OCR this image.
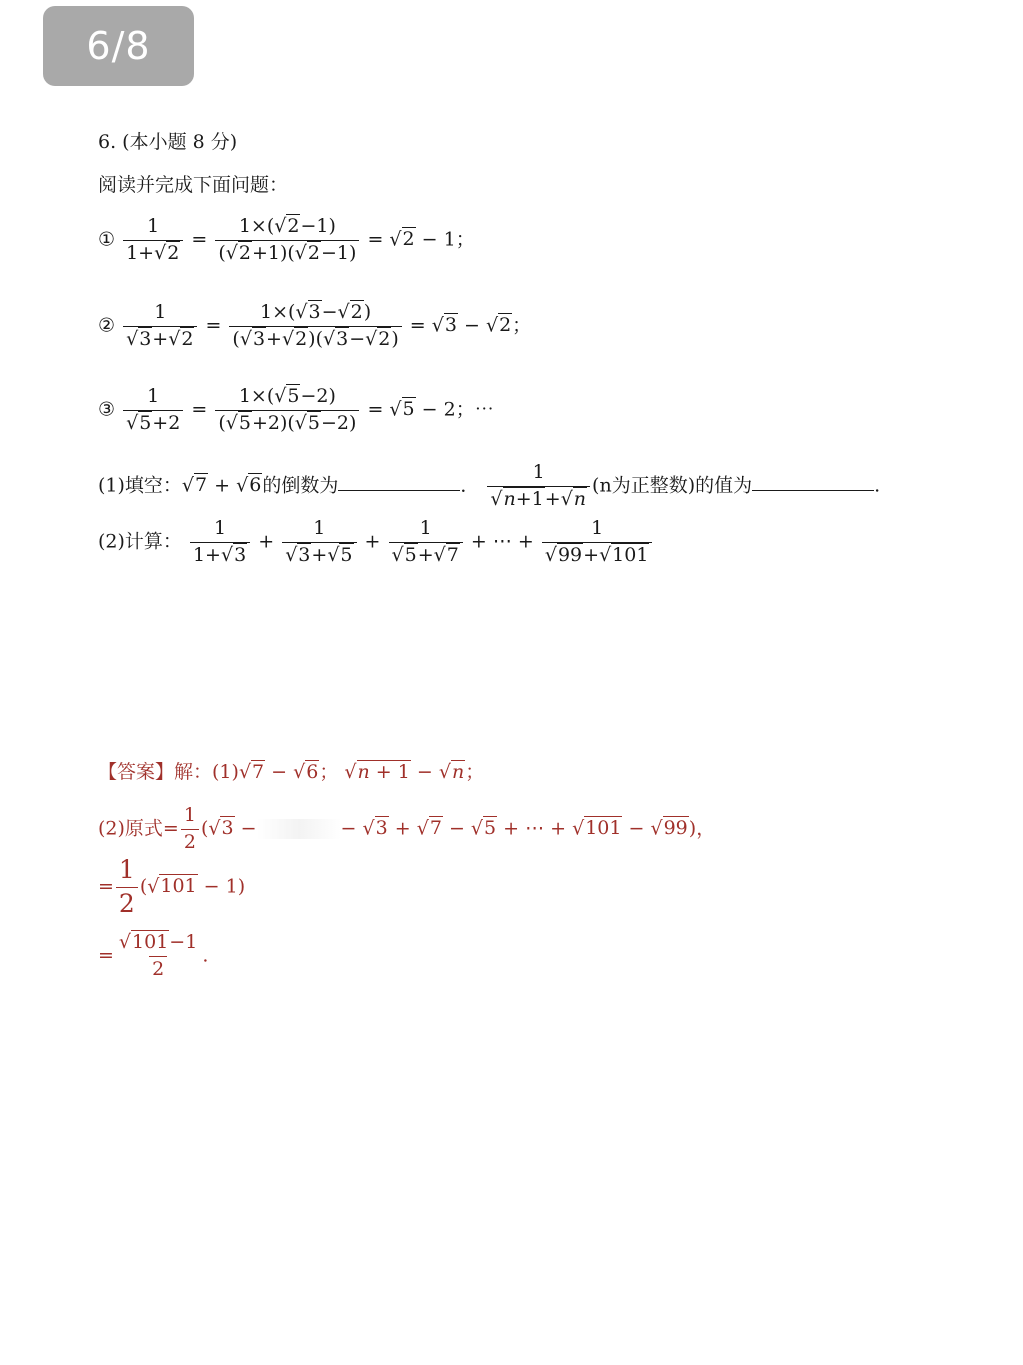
6/8
6. (本小题 8 分)
阅读并完成下面问题：
① $\frac{1}{1+√2} = \frac{1\times(√2-1)}{(√2+1)(√2-1)} = √2 - 1$；
② $\frac{1}{√3+√2} = \frac{1\times(√3-√2)}{(√3+√2)(√3-√2)} = √3 - √2$；
③ $\frac{1}{√5+2} = \frac{1\times(√5-2)}{(√5+2)(√5-2)} = √5 - 2$；⋯
(1)填空：√7 + √6的倒数为	． $\frac{1}{√n+1+√n} (n$为正整数)的值为	.
(2)计算： $\frac{1}{1+√3} + \frac{1}{√3+√5} + \frac{1}{√5+√7}$ + ⋯ + $\frac{1}{√99+√101}$
【答案】解：(1)√7 − √6； √n + 1 − √n；
(2)原式= $\frac{1}{2} (√3$ −	− √3 + √7 − √5 + ⋯ + √101 − √99)，
= $\frac{1}{2} (√101 - 1)$
= $\frac{√101-1}{2}$ .
